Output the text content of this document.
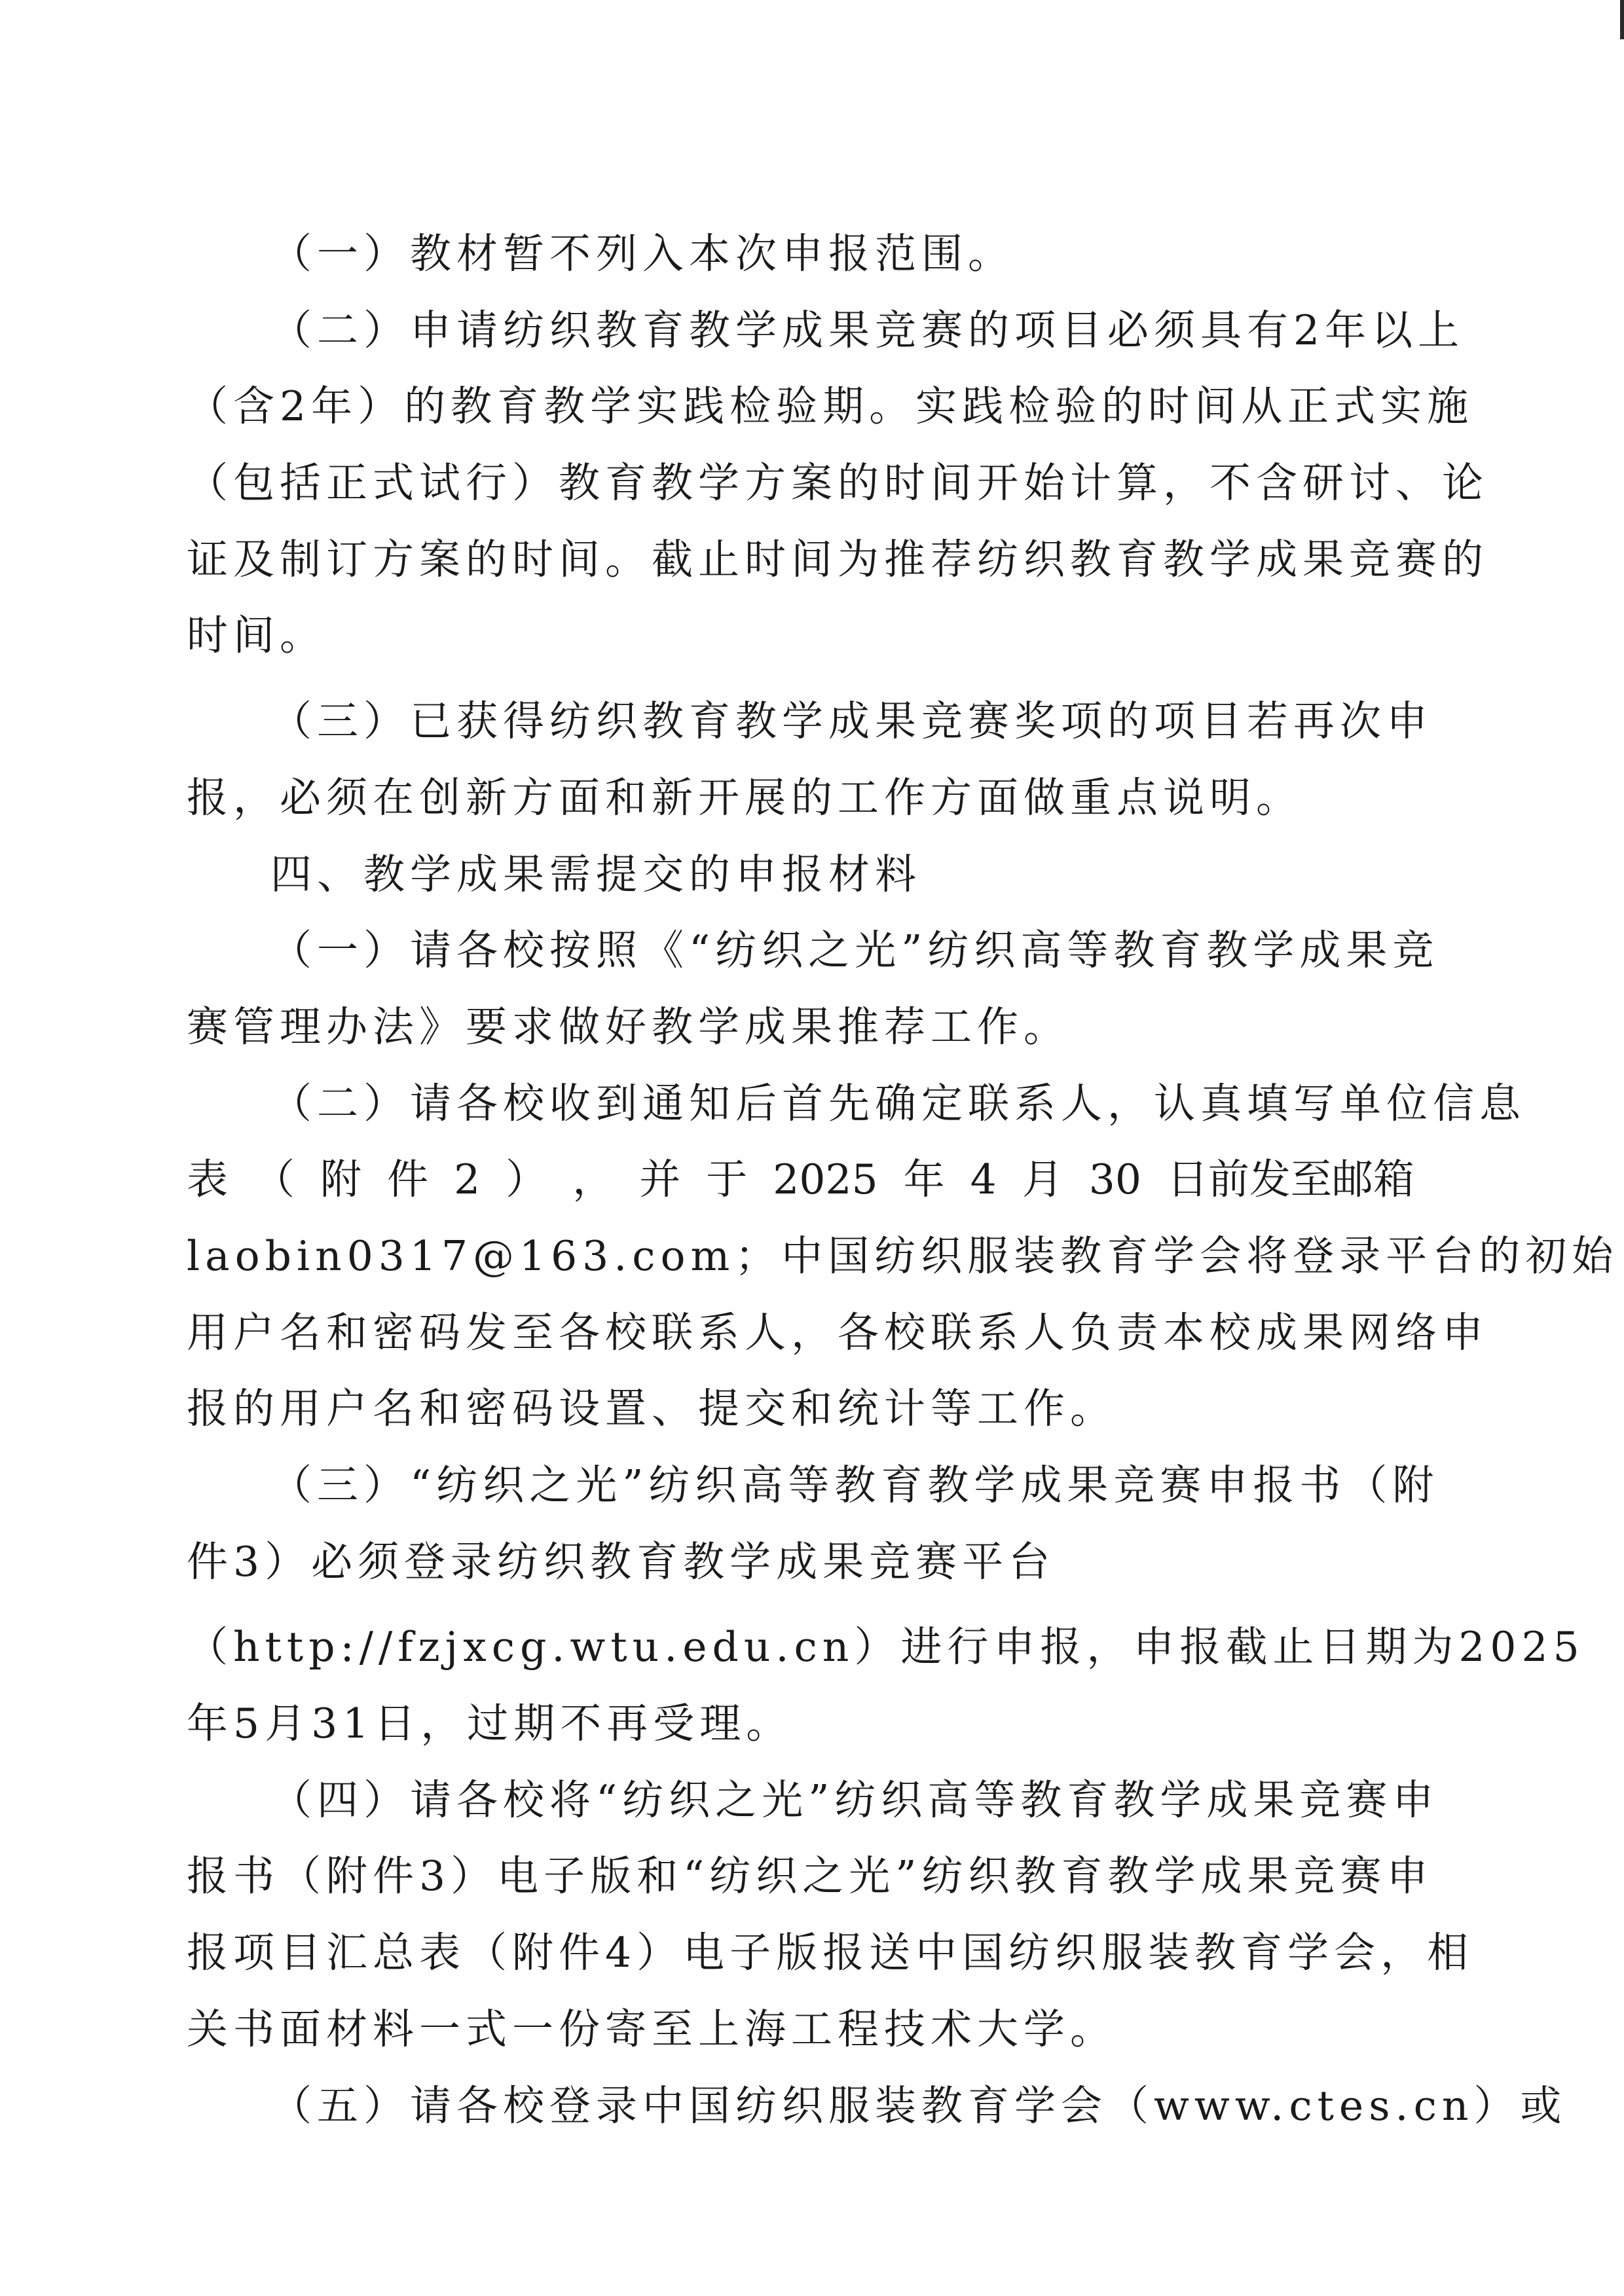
（一）教材暂不列入本次申报范围。
（二）申请纺织教育教学成果竞赛的项目必须具有2年以上
（含2年）的教育教学实践检验期。实践检验的时间从正式实施
（包括正式试行）教育教学方案的时间开始计算，不含研讨、论
证及制订方案的时间。截止时间为推荐纺织教育教学成果竞赛的
时间。
（三）已获得纺织教育教学成果竞赛奖项的项目若再次申
报，必须在创新方面和新开展的工作方面做重点说明。
四、教学成果需提交的申报材料
（一）请各校按照《“纺织之光”纺织高等教育教学成果竞
赛管理办法》要求做好教学成果推荐工作。
（二）请各校收到通知后首先确定联系人，认真填写单位信息
表 （ 附 件 2 ） ， 并 于 2025 年 4 月 30 日前发至邮箱
laobin0317@163.com；中国纺织服装教育学会将登录平台的初始
用户名和密码发至各校联系人，各校联系人负责本校成果网络申
报的用户名和密码设置、提交和统计等工作。
（三）“纺织之光”纺织高等教育教学成果竞赛申报书（附
件3）必须登录纺织教育教学成果竞赛平台
（http://fzjxcg.wtu.edu.cn）进行申报，申报截止日期为2025
年5月31日，过期不再受理。
（四）请各校将“纺织之光”纺织高等教育教学成果竞赛申
报书（附件3）电子版和“纺织之光”纺织教育教学成果竞赛申
报项目汇总表（附件4）电子版报送中国纺织服装教育学会，相
关书面材料一式一份寄至上海工程技术大学。
（五）请各校登录中国纺织服装教育学会（www.ctes.cn）或
